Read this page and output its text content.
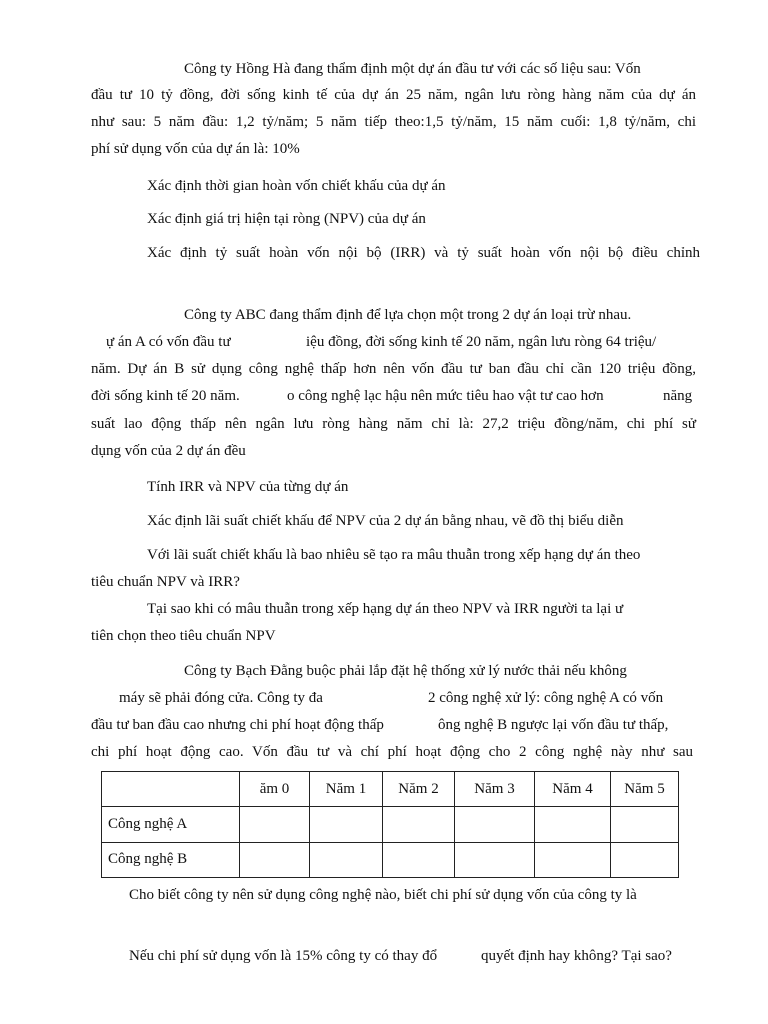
Công ty Hồng Hà đang thẩm định một dự án đầu tư với các số liệu sau: Vốn
đầu tư 10 tỷ đồng, đời sống kinh tế của dự án 25 năm, ngân lưu ròng hàng năm của dự án
như sau: 5 năm đầu: 1,2 tỷ/năm; 5 năm tiếp theo:1,5 tỷ/năm, 15 năm cuối: 1,8 tỷ/năm, chi
phí sử dụng vốn của dự án là: 10%
Xác định thời gian hoàn vốn chiết khấu của dự án
Xác định giá trị hiện tại ròng (NPV) của dự án
Xác định tỷ suất hoàn vốn nội bộ (IRR) và tỷ suất hoàn vốn nội bộ điều chỉnh
Công ty ABC đang thẩm định để lựa chọn một trong 2 dự án loại trừ nhau.
ự án A có vốn đầu tư	iệu đồng, đời sống kinh tế 20 năm, ngân lưu ròng 64 triệu/
năm. Dự án B sử dụng công nghệ thấp hơn nên vốn đầu tư ban đầu chỉ cần 120 triệu đồng,
đời sống kinh tế 20 năm.	o công nghệ lạc hậu nên mức tiêu hao vật tư cao hơn	năng
suất lao động thấp nên ngân lưu ròng hàng năm chỉ là: 27,2 triệu đồng/năm, chi phí sử
dụng vốn của 2 dự án đều
Tính IRR và NPV của từng dự án
Xác định lãi suất chiết khấu để NPV của 2 dự án bằng nhau, vẽ đồ thị biểu diễn
Với lãi suất chiết khấu là bao nhiêu sẽ tạo ra mâu thuẫn trong xếp hạng dự án theo
tiêu chuẩn NPV và IRR?
Tại sao khi có mâu thuẫn trong xếp hạng dự án theo NPV và IRR người ta lại ư
tiên chọn theo tiêu chuẩn NPV
Công ty Bạch Đằng buộc phải lắp đặt hệ thống xử lý nước thải nếu không
máy sẽ phải đóng cửa. Công ty đa	2 công nghệ xử lý: công nghệ A có vốn
đầu tư ban đầu cao nhưng chi phí hoạt động thấp	ông nghệ B ngược lại vốn đầu tư thấp,
chi phí hoạt động cao. Vốn đầu tư và chí phí hoạt động cho 2 công nghệ này như sau
	ăm 0	Năm 1	Năm 2	Năm 3	Năm 4	Năm 5
Công nghệ A						
Công nghệ B						
Cho biết công ty nên sử dụng công nghệ nào, biết chi phí sử dụng vốn của công ty là
Nếu chi phí sử dụng vốn là 15% công ty có thay đổ	quyết định hay không? Tại sao?
